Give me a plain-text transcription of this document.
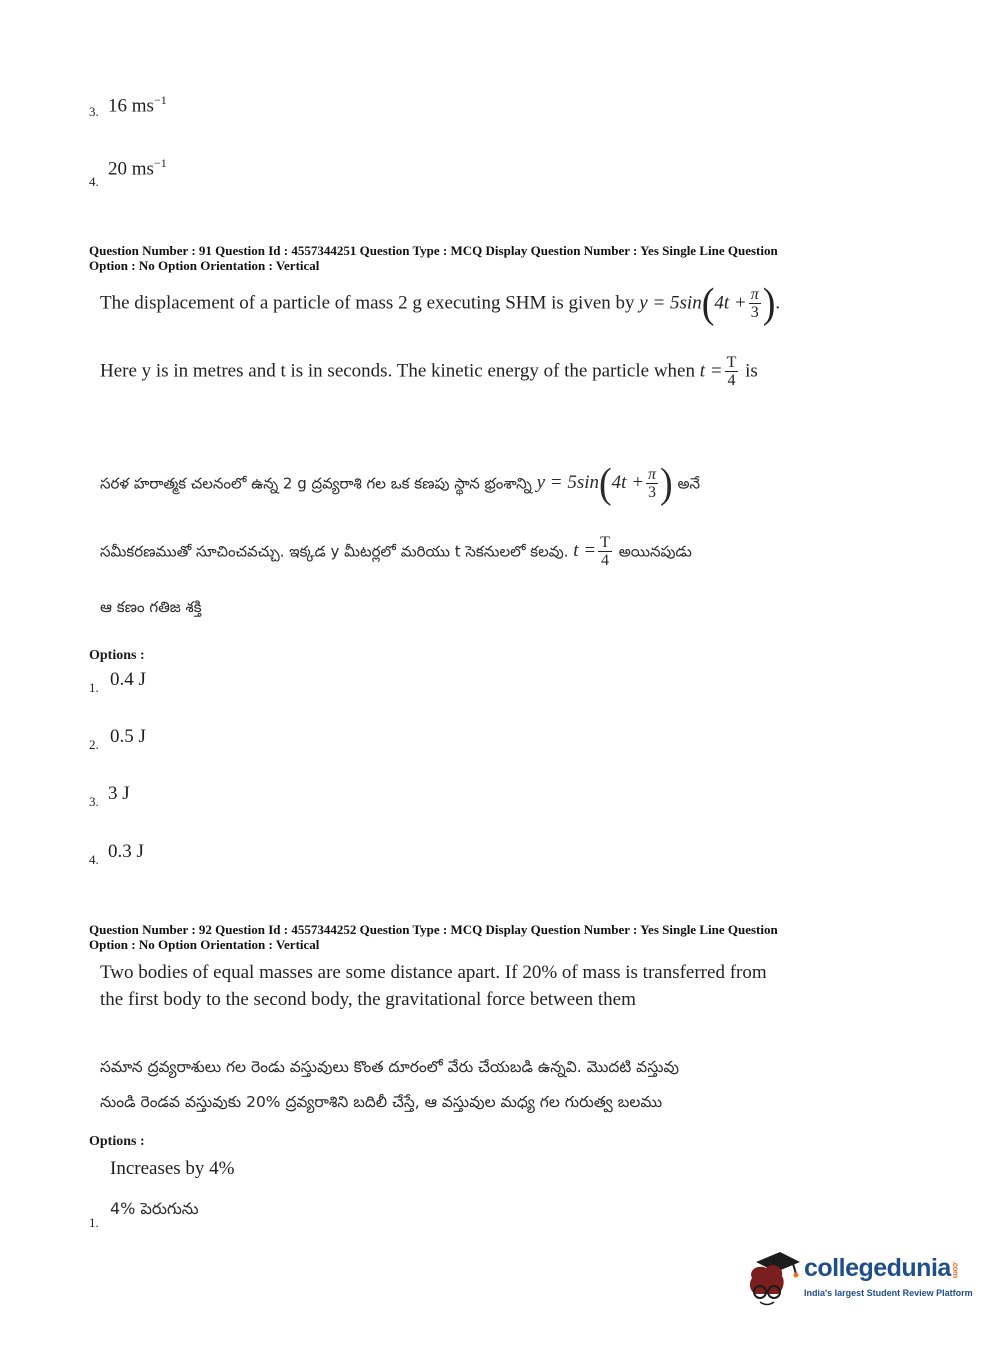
3. 16 $ms^{-1}$
4.
20 $ms^{-1}$
Question Number : 91 Question Id : 4557344251 Question Type : MCQ Display Question Number : Yes Single Line Question
Option : No Option Orientation : Vertical
The displacement of a particle of mass 2 g executing SHM is given by $y = 5\sin(4t + \frac{\pi}{3}$ ).
Here y is in metres and t is in seconds. The kinetic energy of the particle when $t = \frac{T}{4}$ is
సరళ హరాత్మక చలనంలో ఉన్న 2 g ద్రవ్యరాశి గల ఒక కణపు స్థాన భ్రంశాన్ని $y = 5\sin(4t + \frac{\pi}{3}$ ) అనే
సమీకరణముతో సూచించవచ్చు. ఇక్కడ y మీటర్లలో మరియు t సెకనులలో కలవు. $t = \frac{T}{4}$ అయినపుడు
ఆ కణం గతిజ శక్తి
Options :
1. 0.4 J
2. 0.5 J
3. 3 J
4. 0.3 J
Question Number : 92 Question Id : 4557344252 Question Type : MCQ Display Question Number : Yes Single Line Question
Option : No Option Orientation : Vertical
Two bodies of equal masses are some distance apart. If 20% of mass is transferred from
the first body to the second body, the gravitational force between them
సమాన ద్రవ్యరాశులు గల రెండు వస్తువులు కొంత దూరంలో వేరు చేయబడి ఉన్నవి. మొదటి వస్తువు
నుండి రెండవ వస్తువుకు 20% ద్రవ్యరాశిని బదిలీ చేస్తే, ఆ వస్తువుల మధ్య గల గురుత్వ బలము
Options :
Increases by 4%
4% పెరుగును
1.
collegedunia.com
India's largest Student Review Platform
